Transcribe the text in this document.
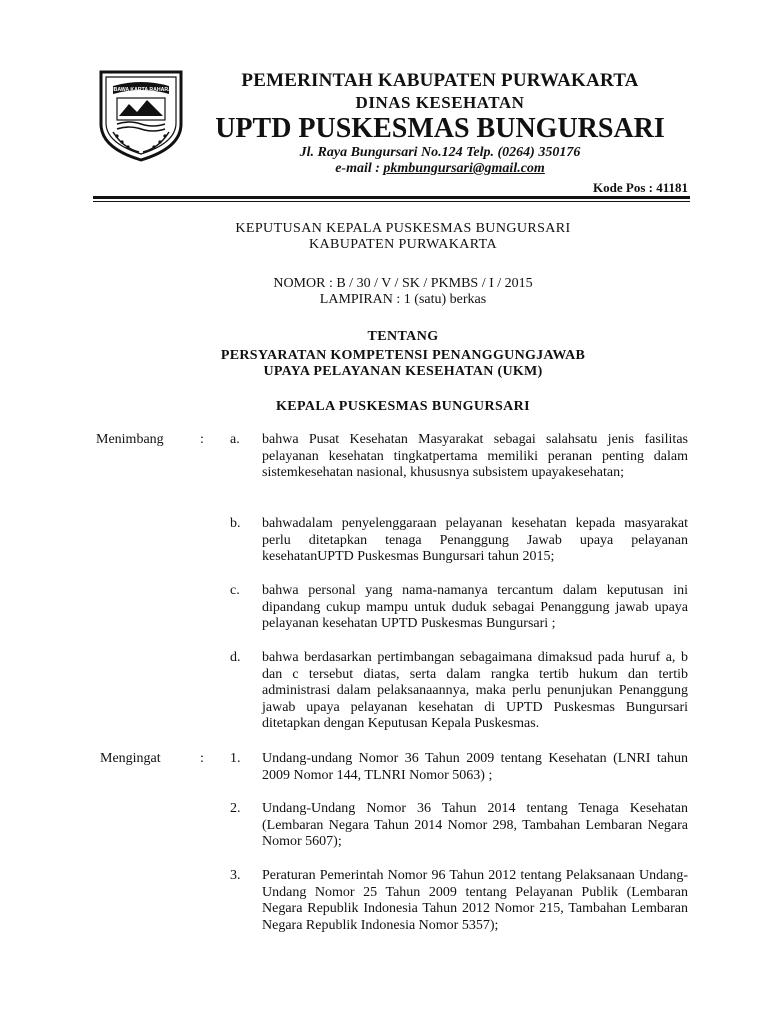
WIBAWA KARTA RAHARJA	PEMERINTAH KABUPATEN PURWAKARTA
DINAS KESEHATAN
UPTD PUSKESMAS BUNGURSARI
Jl. Raya Bungursari No.124 Telp. (0264) 350176
e-mail : pkmbungursari@gmail.com
Kode Pos : 41181
KEPUTUSAN KEPALA PUSKESMAS BUNGURSARI
KABUPATEN PURWAKARTA
NOMOR : B / 30 / V / SK / PKMBS / I / 2015
LAMPIRAN : 1 (satu) berkas
TENTANG
PERSYARATAN KOMPETENSI PENANGGUNGJAWAB
UPAYA PELAYANAN KESEHATAN (UKM)
KEPALA PUSKESMAS BUNGURSARI
Menimbang	: a. bahwa Pusat Kesehatan Masyarakat sebagai salahsatu jenis fasilitas pelayanan kesehatan tingkatpertama memiliki peranan penting dalam sistemkesehatan nasional, khususnya subsistem upayakesehatan;
b. bahwadalam penyelenggaraan pelayanan kesehatan kepada masyarakat perlu ditetapkan tenaga Penanggung Jawab upaya pelayanan kesehatanUPTD Puskesmas Bungursari tahun 2015;
c. bahwa personal yang nama-namanya tercantum dalam keputusan ini dipandang cukup mampu untuk duduk sebagai Penanggung jawab upaya pelayanan kesehatan UPTD Puskesmas Bungursari ;
d. bahwa berdasarkan pertimbangan sebagaimana dimaksud pada huruf a, b dan c tersebut diatas, serta dalam rangka tertib hukum dan tertib administrasi dalam pelaksanaannya, maka perlu penunjukan Penanggung jawab upaya pelayanan kesehatan di UPTD Puskesmas Bungursari ditetapkan dengan Keputusan Kepala Puskesmas.
Mengingat	: 1. Undang-undang Nomor 36 Tahun 2009 tentang Kesehatan (LNRI tahun 2009 Nomor 144, TLNRI Nomor 5063) ;
2. Undang-Undang Nomor 36 Tahun 2014 tentang Tenaga Kesehatan (Lembaran Negara Tahun 2014 Nomor 298, Tambahan Lembaran Negara Nomor 5607);
3. Peraturan Pemerintah Nomor 96 Tahun 2012 tentang Pelaksanaan Undang-Undang Nomor 25 Tahun 2009 tentang Pelayanan Publik (Lembaran Negara Republik Indonesia Tahun 2012 Nomor 215, Tambahan Lembaran Negara Republik Indonesia Nomor 5357);
